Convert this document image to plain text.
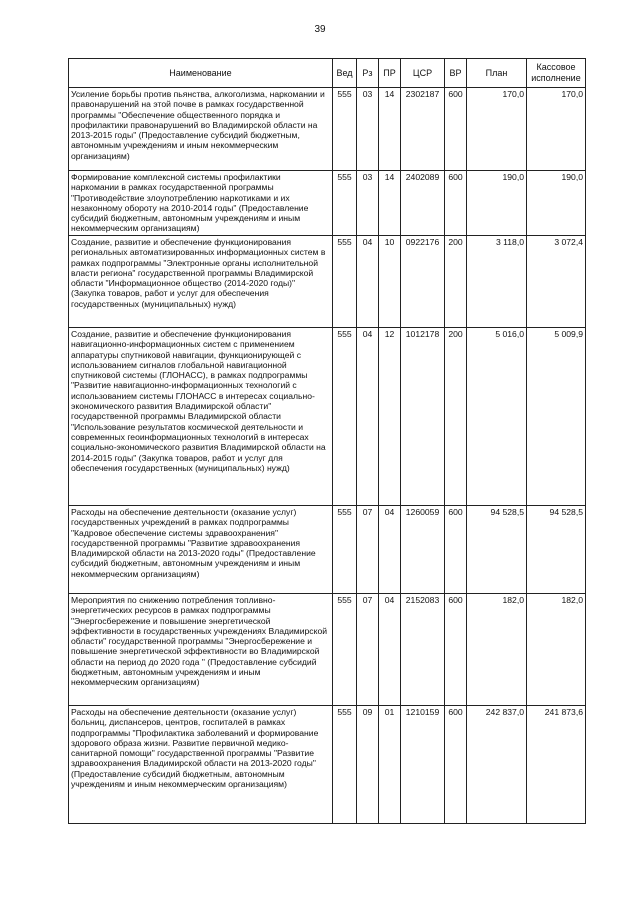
39
Наименование	Вед	Рз	ПР	ЦСР	ВР	План	Кассовое исполнение
Усиление борьбы против пьянства, алкоголизма, наркомании и правонарушений на этой почве в рамках государственной программы "Обеспечение общественного порядка и профилактики правонарушений во Владимирской области на 2013-2015 годы" (Предоставление субсидий бюджетным, автономным учреждениям и иным некоммерческим организациям)	555	03	14	2302187	600	170,0	170,0
Формирование комплексной системы профилактики наркомании в рамках государственной программы "Противодействие злоупотреблению наркотиками и их незаконному обороту на 2010-2014 годы" (Предоставление субсидий бюджетным, автономным учреждениям и иным некоммерческим организациям)	555	03	14	2402089	600	190,0	190,0
Создание, развитие и обеспечение функционирования региональных автоматизированных информационных систем в рамках подпрограммы "Электронные органы исполнительной власти региона" государственной программы Владимирской области "Информационное общество (2014-2020 годы)" (Закупка товаров, работ и услуг для обеспечения государственных (муниципальных) нужд)	555	04	10	0922176	200	3 118,0	3 072,4
Создание, развитие и обеспечение функционирования навигационно-информационных систем с применением аппаратуры спутниковой навигации, функционирующей с использованием сигналов глобальной навигационной спутниковой системы (ГЛОНАСС), в рамках подпрограммы "Развитие навигационно-информационных технологий с использованием системы ГЛОНАСС в интересах социально-экономического развития Владимирской области" государственной программы Владимирской области "Использование результатов космической деятельности и современных геоинформационных технологий в интересах социально-экономического развития Владимирской области на 2014-2015 годы" (Закупка товаров, работ и услуг для обеспечения государственных (муниципальных) нужд)	555	04	12	1012178	200	5 016,0	5 009,9
Расходы на обеспечение деятельности (оказание услуг) государственных учреждений в рамках подпрограммы "Кадровое обеспечение системы здравоохранения" государственной программы "Развитие здравоохранения Владимирской области на 2013-2020 годы" (Предоставление субсидий бюджетным, автономным учреждениям и иным некоммерческим организациям)	555	07	04	1260059	600	94 528,5	94 528,5
Мероприятия по снижению потребления топливно-энергетических ресурсов в рамках подпрограммы "Энергосбережение и повышение энергетической эффективности в государственных учреждениях Владимирской области" государственной программы "Энергосбережение и повышение энергетической эффективности во Владимирской области на период до 2020 года " (Предоставление субсидий бюджетным, автономным учреждениям и иным некоммерческим организациям)	555	07	04	2152083	600	182,0	182,0
Расходы на обеспечение деятельности (оказание услуг) больниц, диспансеров, центров, госпиталей в рамках подпрограммы "Профилактика заболеваний и формирование здорового образа жизни. Развитие первичной медико-санитарной помощи" государственной программы "Развитие здравоохранения Владимирской области на 2013-2020 годы" (Предоставление субсидий бюджетным, автономным учреждениям и иным некоммерческим организациям)	555	09	01	1210159	600	242 837,0	241 873,6
